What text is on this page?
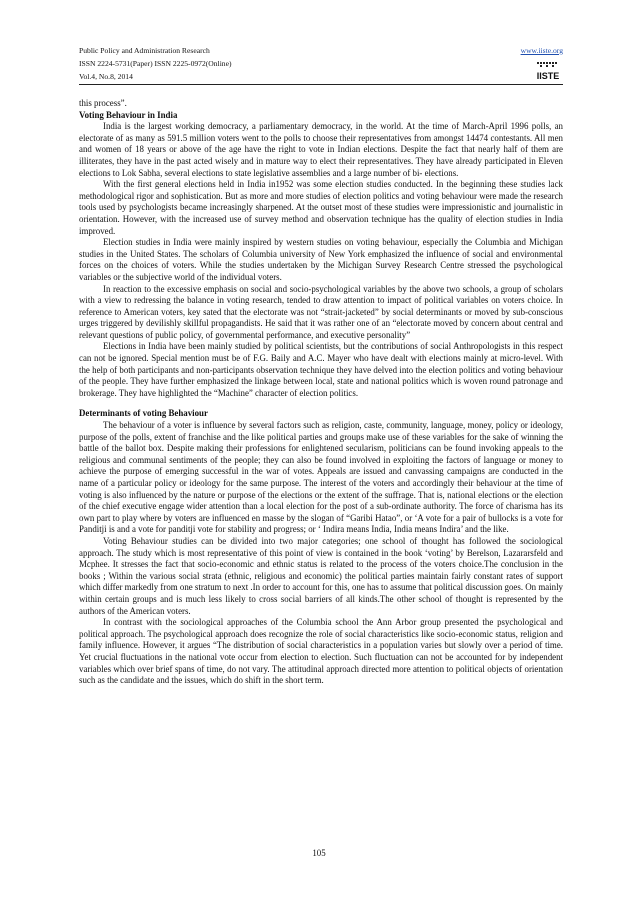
Public Policy and Administration Research	www.iiste.org
ISSN 2224-5731(Paper) ISSN 2225-0972(Online)
Vol.4, No.8, 2014	IISTE

this process”.

Voting Behaviour in India

India is the largest working democracy, a parliamentary democracy, in the world. At the time of March-April 1996 polls, an electorate of as many as 591.5 million voters went to the polls to choose their representatives from amongst 14474 contestants. All men and women of 18 years or above of the age have the right to vote in Indian elections. Despite the fact that nearly half of them are illiterates, they have in the past acted wisely and in mature way to elect their representatives. They have already participated in Eleven elections to Lok Sabha, several elections to state legislative assemblies and a large number of bi- elections.

With the first general elections held in India in1952 was some election studies conducted. In the beginning these studies lack methodological rigor and sophistication. But as more and more studies of election politics and voting behaviour were made the research tools used by psychologists became increasingly sharpened. At the outset most of these studies were impressionistic and journalistic in orientation. However, with the increased use of survey method and observation technique has the quality of election studies in India improved.

Election studies in India were mainly inspired by western studies on voting behaviour, especially the Columbia and Michigan studies in the United States. The scholars of Columbia university of New York emphasized the influence of social and environmental forces on the choices of voters. While the studies undertaken by the Michigan Survey Research Centre stressed the psychological variables or the subjective world of the individual voters.

In reaction to the excessive emphasis on social and socio-psychological variables by the above two schools, a group of scholars with a view to redressing the balance in voting research, tended to draw attention to impact of political variables on voters choice. In reference to American voters, key sated that the electorate was not “strait-jacketed” by social determinants or moved by sub-conscious urges triggered by devilishly skillful propagandists. He said that it was rather one of an “electorate moved by concern about central and relevant questions of public policy, of governmental performance, and executive personality”

Elections in India have been mainly studied by political scientists, but the contributions of social Anthropologists in this respect can not be ignored. Special mention must be of F.G. Baily and A.C. Mayer who have dealt with elections mainly at micro-level. With the help of both participants and non-participants observation technique they have delved into the election politics and voting behaviour of the people. They have further emphasized the linkage between local, state and national politics which is woven round patronage and brokerage. They have highlighted the “Machine” character of election politics.

Determinants of voting Behaviour

The behaviour of a voter is influence by several factors such as religion, caste, community, language, money, policy or ideology, purpose of the polls, extent of franchise and the like political parties and groups make use of these variables for the sake of winning the battle of the ballot box. Despite making their professions for enlightened secularism, politicians can be found invoking appeals to the religious and communal sentiments of the people; they can also be found involved in exploiting the factors of language or money to achieve the purpose of emerging successful in the war of votes. Appeals are issued and canvassing campaigns are conducted in the name of a particular policy or ideology for the same purpose. The interest of the voters and accordingly their behaviour at the time of voting is also influenced by the nature or purpose of the elections or the extent of the suffrage. That is, national elections or the election of the chief executive engage wider attention than a local election for the post of a sub-ordinate authority. The force of charisma has its own part to play where by voters are influenced en masse by the slogan of “Garibi Hatao”, or ‘A vote for a pair of bullocks is a vote for Panditji is and a vote for panditji vote for stability and progress; or ‘ Indira means India, India means Indira’ and the like.

Voting Behaviour studies can be divided into two major categories; one school of thought has followed the sociological approach. The study which is most representative of this point of view is contained in the book ‘voting’ by Berelson, Lazararsfeld and Mcphee. It stresses the fact that socio-economic and ethnic status is related to the process of the voters choice.The conclusion in the books ; Within the various social strata (ethnic, religious and economic) the political parties maintain fairly constant rates of support which differ markedly from one stratum to next .In order to account for this, one has to assume that political discussion goes. On mainly within certain groups and is much less likely to cross social barriers of all kinds.The other school of thought is represented by the authors of the American voters.

In contrast with the sociological approaches of the Columbia school the Ann Arbor group presented the psychological and political approach. The psychological approach does recognize the role of social characteristics like socio-economic status, religion and family influence. However, it argues “The distribution of social characteristics in a population varies but slowly over a period of time. Yet crucial fluctuations in the national vote occur from election to election. Such fluctuation can not be accounted for by independent variables which over brief spans of time, do not vary. The attitudinal approach directed more attention to political objects of orientation such as the candidate and the issues, which do shift in the short term.

105
